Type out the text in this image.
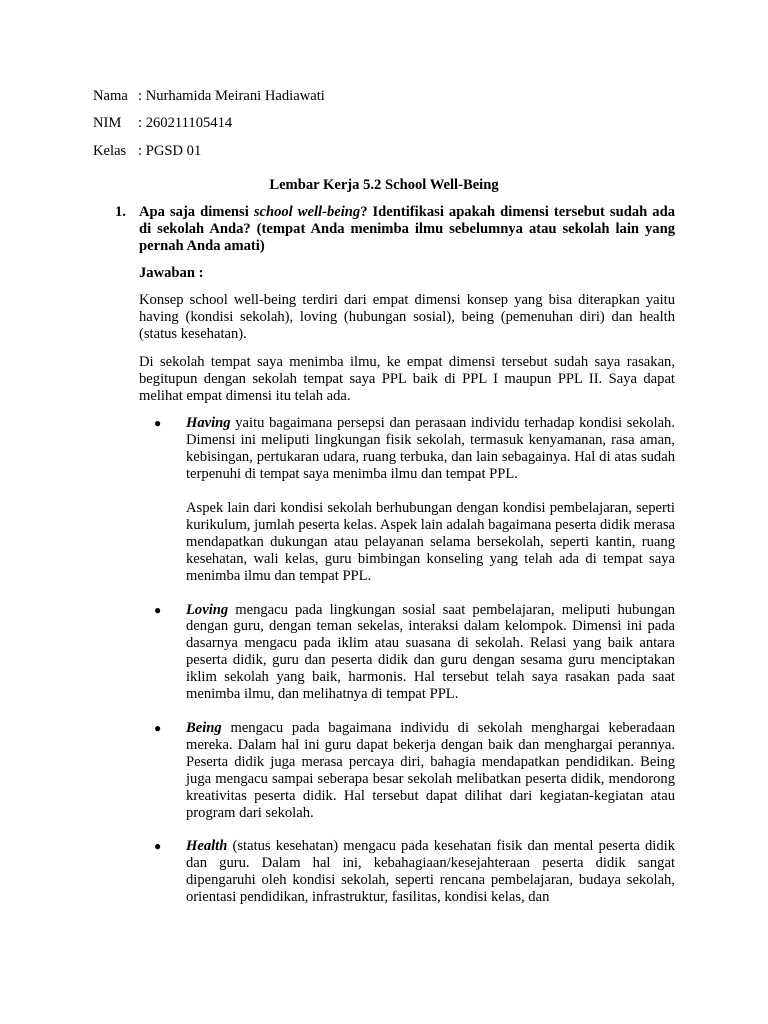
Nama : Nurhamida Meirani Hadiawati
NIM	: 260211105414
Kelas : PGSD 01
Lembar Kerja 5.2 School Well-Being
1. Apa saja dimensi school well-being? Identifikasi apakah dimensi tersebut sudah ada di sekolah Anda? (tempat Anda menimba ilmu sebelumnya atau sekolah lain yang pernah Anda amati)
Jawaban :

Konsep school well-being terdiri dari empat dimensi konsep yang bisa diterapkan yaitu having (kondisi sekolah), loving (hubungan sosial), being (pemenuhan diri) dan health (status kesehatan).

Di sekolah tempat saya menimba ilmu, ke empat dimensi tersebut sudah saya rasakan, begitupun dengan sekolah tempat saya PPL baik di PPL I maupun PPL II. Saya dapat melihat empat dimensi itu telah ada.

●	Having yaitu bagaimana persepsi dan perasaan individu terhadap kondisi sekolah. Dimensi ini meliputi lingkungan fisik sekolah, termasuk kenyamanan, rasa aman, kebisingan, pertukaran udara, ruang terbuka, dan lain sebagainya. Hal di atas sudah terpenuhi di tempat saya menimba ilmu dan tempat PPL.

Aspek lain dari kondisi sekolah berhubungan dengan kondisi pembelajaran, seperti kurikulum, jumlah peserta kelas. Aspek lain adalah bagaimana peserta didik merasa mendapatkan dukungan atau pelayanan selama bersekolah, seperti kantin, ruang kesehatan, wali kelas, guru bimbingan konseling yang telah ada di tempat saya menimba ilmu dan tempat PPL.

●	Loving mengacu pada lingkungan sosial saat pembelajaran, meliputi hubungan dengan guru, dengan teman sekelas, interaksi dalam kelompok. Dimensi ini pada dasarnya mengacu pada iklim atau suasana di sekolah. Relasi yang baik antara peserta didik, guru dan peserta didik dan guru dengan sesama guru menciptakan iklim sekolah yang baik, harmonis. Hal tersebut telah saya rasakan pada saat menimba ilmu, dan melihatnya di tempat PPL.

●	Being mengacu pada bagaimana individu di sekolah menghargai keberadaan mereka. Dalam hal ini guru dapat bekerja dengan baik dan menghargai perannya. Peserta didik juga merasa percaya diri, bahagia mendapatkan pendidikan. Being juga mengacu sampai seberapa besar sekolah melibatkan peserta didik, mendorong kreativitas peserta didik. Hal tersebut dapat dilihat dari kegiatan-kegiatan atau program dari sekolah.

●	Health (status kesehatan) mengacu pada kesehatan fisik dan mental peserta didik dan guru. Dalam hal ini, kebahagiaan/kesejahteraan peserta didik sangat dipengaruhi oleh kondisi sekolah, seperti rencana pembelajaran, budaya sekolah, orientasi pendidikan, infrastruktur, fasilitas, kondisi kelas, dan
